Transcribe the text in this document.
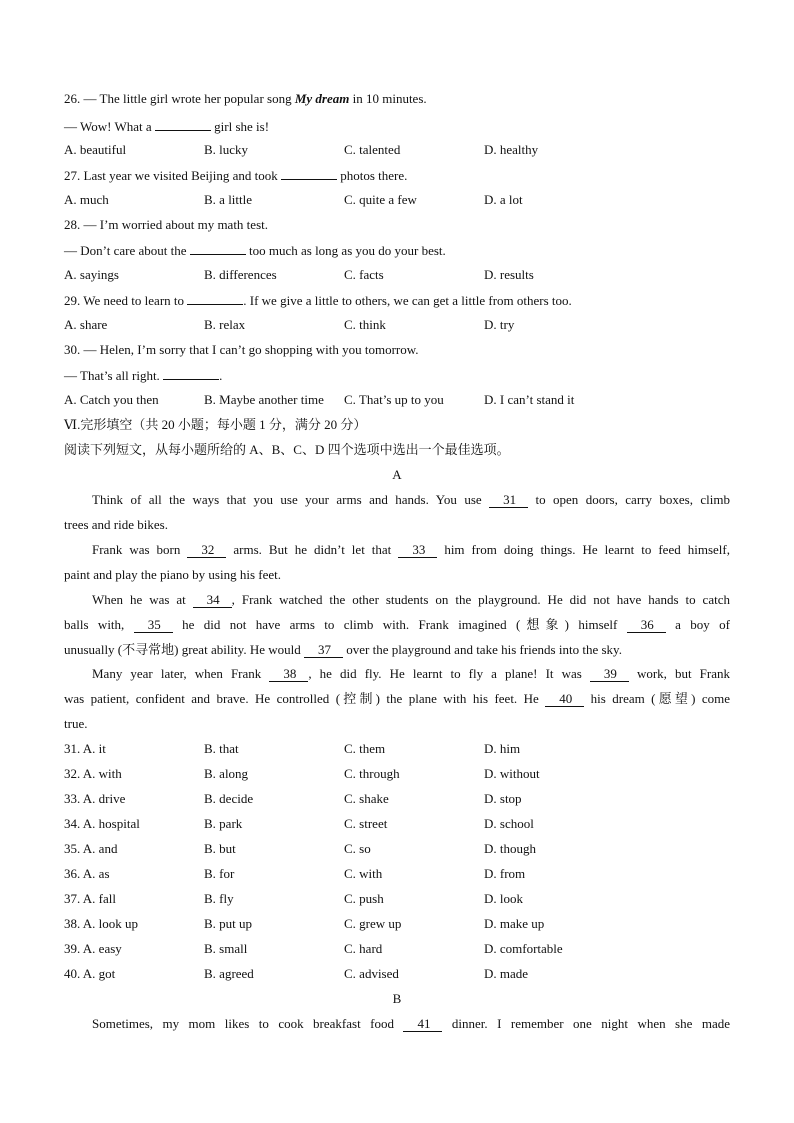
26. — The little girl wrote her popular song My dream in 10 minutes.
— Wow! What a	girl she is!
A. beautiful	B. lucky	C. talented	D. healthy
27. Last year we visited Beijing and took	photos there.
A. much	B. a little	C. quite a few	D. a lot
28. — I’m worried about my math test.
— Don’t care about the	too much as long as you do your best.
A. sayings	B. differences	C. facts	D. results
29. We need to learn to	. If we give a little to others, we can get a little from others too.
A. share	B. relax	C. think	D. try
30. — Helen, I’m sorry that I can’t go shopping with you tomorrow.
— That’s all right.	.
A. Catch you then	B. Maybe another time C. That’s up to you	D. I can’t stand it
Ⅵ.完形填空（共 20 小题；每小题 1 分，满分 20 分）
阅读下列短文，从每小题所给的 A、B、C、D 四个选项中选出一个最佳选项。
A
Think of all the ways that you use your arms and hands. You use 31 to open doors, carry boxes, climb
trees and ride bikes.
Frank was born 32 arms. But he didn’t let that 33 him from doing things. He learnt to feed himself,
paint and play the piano by using his feet.
When he was at 34 , Frank watched the other students on the playground. He did not have hands to catch
balls with, 35 he did not have arms to climb with. Frank imagined (想象) himself 36 a boy of
unusually (不寻常地) great ability. He would 37 over the playground and take his friends into the sky.
Many year later, when Frank 38 , he did fly. He learnt to fly a plane! It was 39 work, but Frank
was patient, confident and brave. He controlled (控制) the plane with his feet. He 40 his dream (愿望) come
true.
31. A. it	B. that	C. them	D. him
32. A. with	B. along	C. through	D. without
33. A. drive	B. decide	C. shake	D. stop
34. A. hospital	B. park	C. street	D. school
35. A. and	B. but	C. so	D. though
36. A. as	B. for	C. with	D. from
37. A. fall	B. fly	C. push	D. look
38. A. look up	B. put up	C. grew up	D. make up
39. A. easy	B. small	C. hard	D. comfortable
40. A. got	B. agreed	C. advised	D. made
B
Sometimes, my mom likes to cook breakfast food 41 dinner. I remember one night when she made
